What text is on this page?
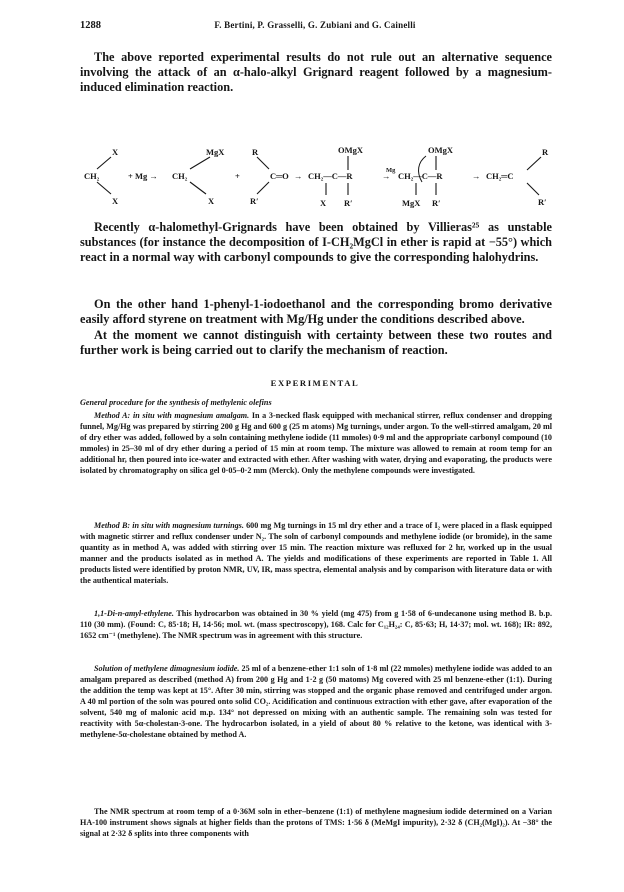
1288	F. Bertini, P. Grasselli, G. Zubiani and G. Cainelli

The above reported experimental results do not rule out an alternative sequence involving the attack of an α-halo-alkyl Grignard reagent followed by a magnesium-induced elimination reaction.

X
CH₂
X
+ Mg →
MgX
CH₂
X
+
R
C═O
R′
→
OMgX
CH₂—C—R
X R′
Mg
→
OMgX
CH₂—C—R
MgX R′
→
R
CH₂═C
R′

Recently α-halomethyl-Grignards have been obtained by Villieras²⁵ as unstable substances (for instance the decomposition of I-CH₂MgCl in ether is rapid at −55°) which react in a normal way with carbonyl compounds to give the corresponding halohydrins.

On the other hand 1-phenyl-1-iodoethanol and the corresponding bromo derivative easily afford styrene on treatment with Mg/Hg under the conditions described above.

At the moment we cannot distinguish with certainty between these two routes and further work is being carried out to clarify the mechanism of reaction.

EXPERIMENTAL

General procedure for the synthesis of methylenic olefins

Method A: in situ with magnesium amalgam. In a 3-necked flask equipped with mechanical stirrer, reflux condenser and dropping funnel, Mg/Hg was prepared by stirring 200 g Hg and 600 g (25 m atoms) Mg turnings, under argon. To the well-stirred amalgam, 20 ml of dry ether was added, followed by a soln containing methylene iodide (11 mmoles) 0·9 ml and the appropriate carbonyl compound (10 mmoles) in 25–30 ml of dry ether during a period of 15 min at room temp. The mixture was allowed to remain at room temp for an additional hr, then poured into ice-water and extracted with ether. After washing with water, drying and evaporating, the products were isolated by chromatography on silica gel 0·05–0·2 mm (Merck). Only the methylene compounds were investigated.

Method B: in situ with magnesium turnings. 600 mg Mg turnings in 15 ml dry ether and a trace of I₂ were placed in a flask equipped with magnetic stirrer and reflux condenser under N₂. The soln of carbonyl compounds and methylene iodide (or bromide), in the same quantity as in method A, was added with stirring over 15 min. The reaction mixture was refluxed for 2 hr, worked up in the usual manner and the products isolated as in method A. The yields and modifications of these experiments are reported in Table 1. All products listed were identified by proton NMR, UV, IR, mass spectra, elemental analysis and by comparison with literature data or with the authentical materials.

1,1-Di-n-amyl-ethylene. This hydrocarbon was obtained in 30 % yield (mg 475) from g 1·58 of 6-undecanone using method B. b.p. 110 (30 mm). (Found: C, 85·18; H, 14·56; mol. wt. (mass spectroscopy), 168. Calc for C₁₂H₂₄: C, 85·63; H, 14·37; mol. wt. 168); IR: 892, 1652 cm⁻¹ (methylene). The NMR spectrum was in agreement with this structure.

Solution of methylene dimagnesium iodide. 25 ml of a benzene-ether 1:1 soln of 1·8 ml (22 mmoles) methylene iodide was added to an amalgam prepared as described (method A) from 200 g Hg and 1·2 g (50 matoms) Mg covered with 25 ml benzene-ether (1:1). During the addition the temp was kept at 15°. After 30 min, stirring was stopped and the organic phase removed and centrifuged under argon. A 40 ml portion of the soln was poured onto solid CO₂. Acidification and continuous extraction with ether gave, after evaporation of the solvent, 540 mg of malonic acid m.p. 134° not depressed on mixing with an authentic sample. The remaining soln was tested for reactivity with 5α-cholestan-3-one. The hydrocarbon isolated, in a yield of about 80 % relative to the ketone, was identical with 3-methylene-5α-cholestane obtained by method A.

The NMR spectrum at room temp of a 0·36M soln in ether–benzene (1:1) of methylene magnesium iodide determined on a Varian HA-100 instrument shows signals at higher fields than the protons of TMS: 1·56 δ (MeMgI impurity), 2·32 δ (CH₂(MgI)₂). At −38° the signal at 2·32 δ splits into three components with
